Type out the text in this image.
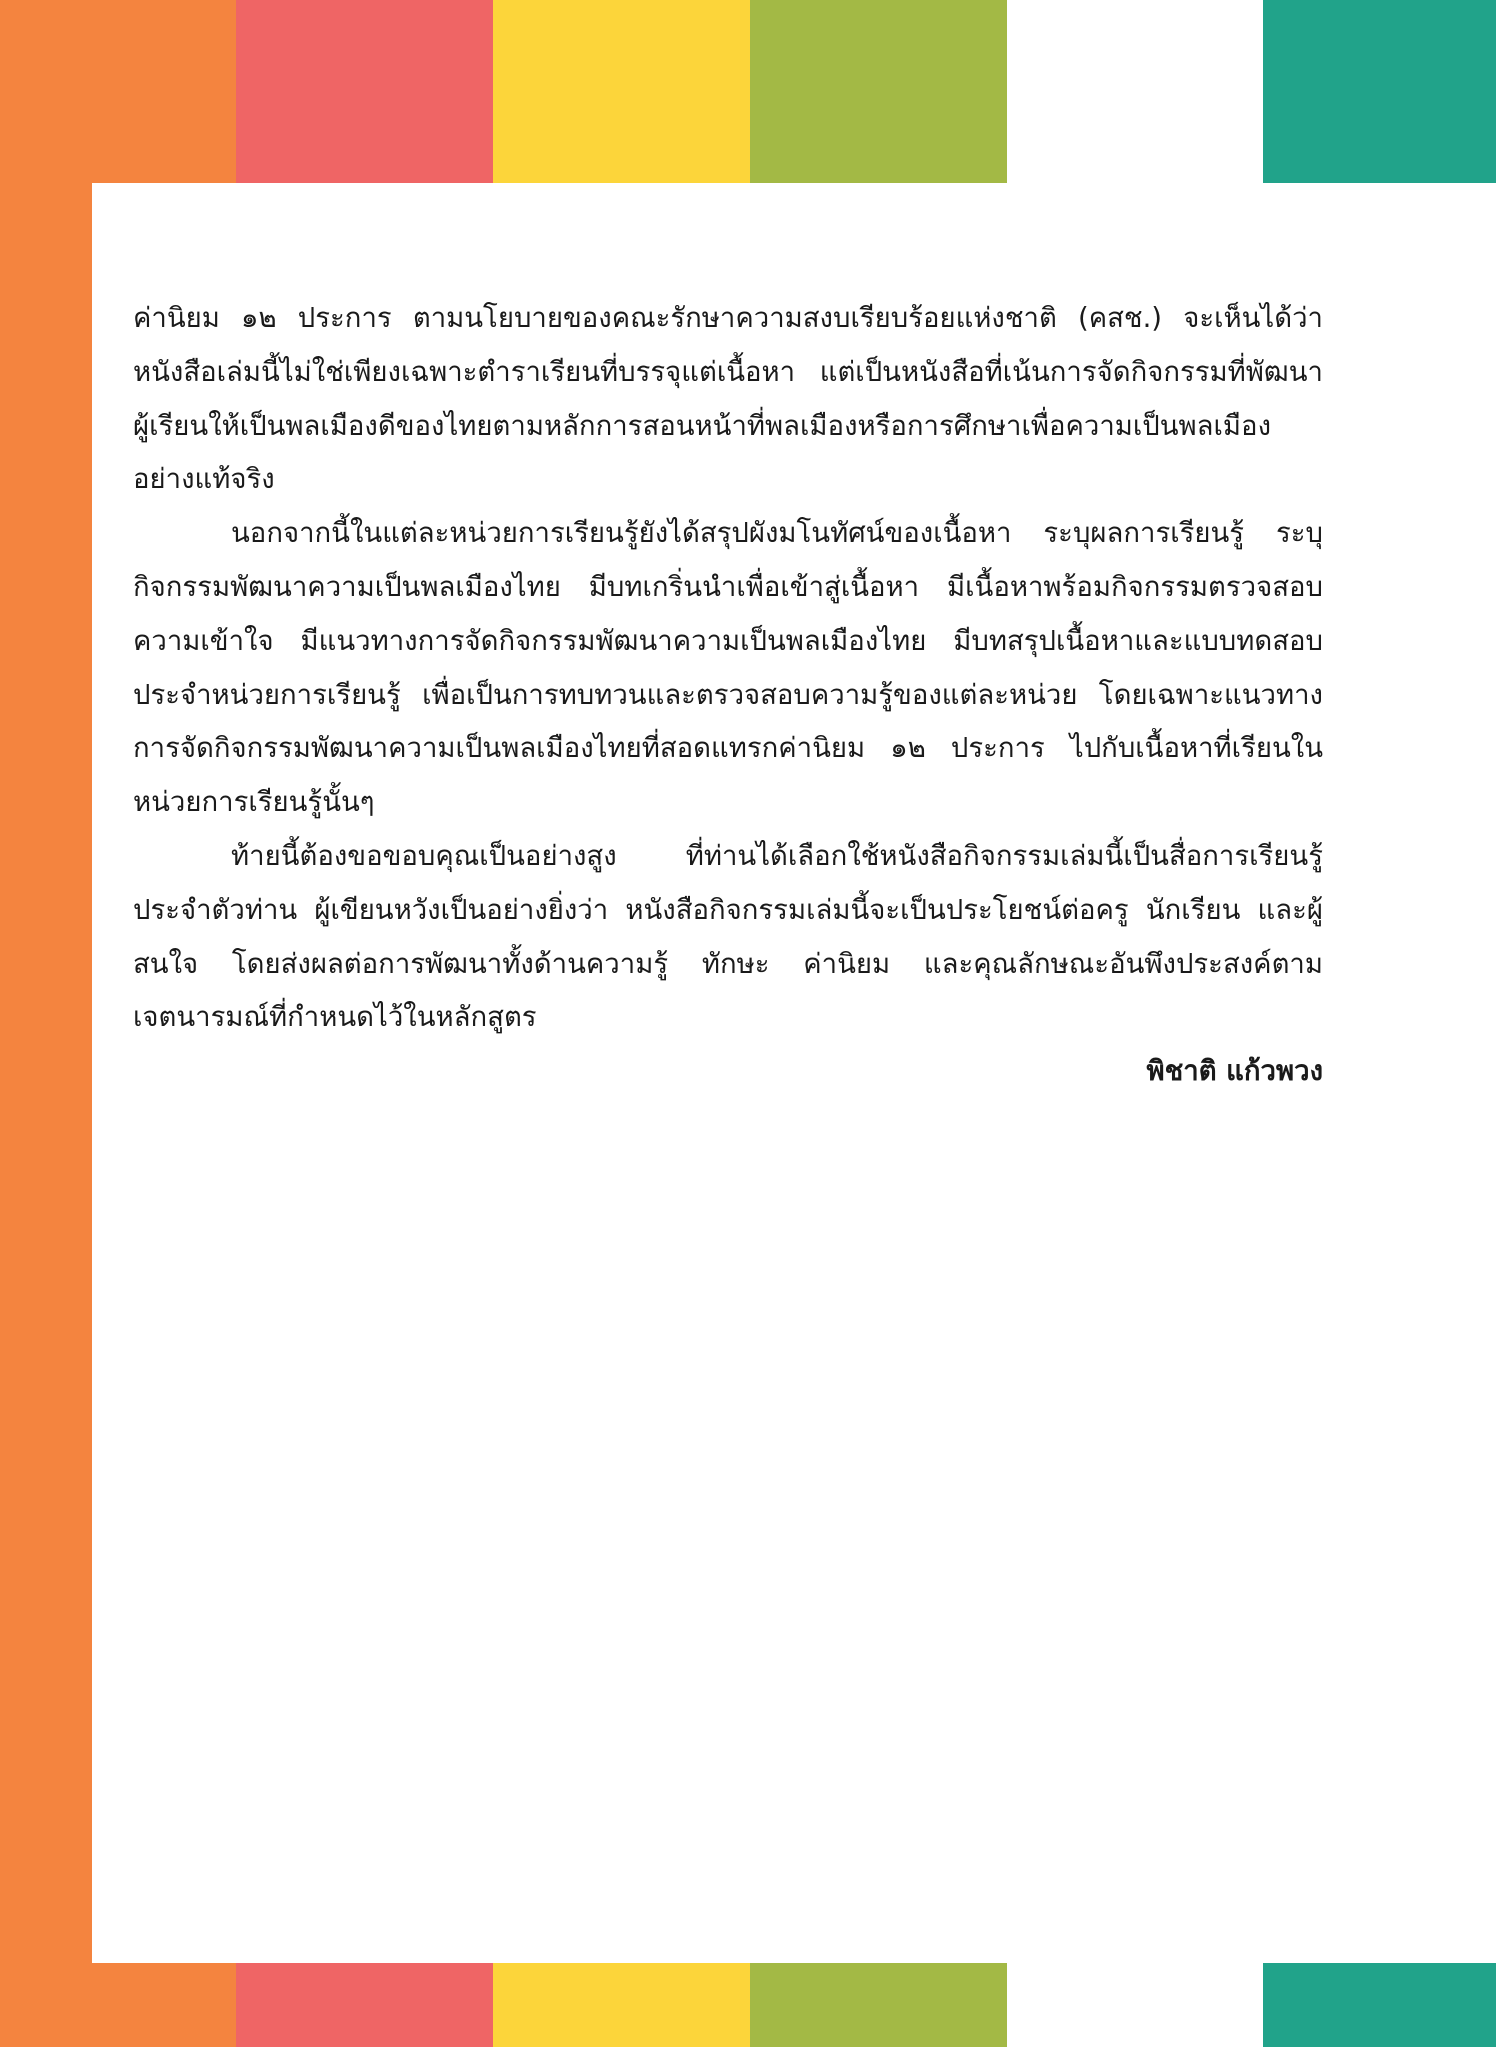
ค่านิยม ๑๒ ประการ ตามนโยบายของคณะรักษาความสงบเรียบร้อยแห่งชาติ (คสช.) จะเห็นได้ว่าหนังสือเล่มนี้ไม่ใช่เพียงเฉพาะตำราเรียนที่บรรจุแต่เนื้อหา แต่เป็นหนังสือที่เน้นการจัดกิจกรรมที่พัฒนาผู้เรียนให้เป็นพลเมืองดีของไทยตามหลักการสอนหน้าที่พลเมืองหรือการศึกษาเพื่อความเป็นพลเมืองอย่างแท้จริง

นอกจากนี้ในแต่ละหน่วยการเรียนรู้ยังได้สรุปผังมโนทัศน์ของเนื้อหา ระบุผลการเรียนรู้ ระบุกิจกรรมพัฒนาความเป็นพลเมืองไทย มีบทเกริ่นนำเพื่อเข้าสู่เนื้อหา มีเนื้อหาพร้อมกิจกรรมตรวจสอบความเข้าใจ มีแนวทางการจัดกิจกรรมพัฒนาความเป็นพลเมืองไทย มีบทสรุปเนื้อหาและแบบทดสอบประจำหน่วยการเรียนรู้ เพื่อเป็นการทบทวนและตรวจสอบความรู้ของแต่ละหน่วย โดยเฉพาะแนวทางการจัดกิจกรรมพัฒนาความเป็นพลเมืองไทยที่สอดแทรกค่านิยม ๑๒ ประการ ไปกับเนื้อหาที่เรียนในหน่วยการเรียนรู้นั้นๆ

ท้ายนี้ต้องขอขอบคุณเป็นอย่างสูง ที่ท่านได้เลือกใช้หนังสือกิจกรรมเล่มนี้เป็นสื่อการเรียนรู้ประจำตัวท่าน ผู้เขียนหวังเป็นอย่างยิ่งว่า หนังสือกิจกรรมเล่มนี้จะเป็นประโยชน์ต่อครู นักเรียน และผู้สนใจ โดยส่งผลต่อการพัฒนาทั้งด้านความรู้ ทักษะ ค่านิยม และคุณลักษณะอันพึงประสงค์ตามเจตนารมณ์ที่กำหนดไว้ในหลักสูตร

พิชาติ แก้วพวง
